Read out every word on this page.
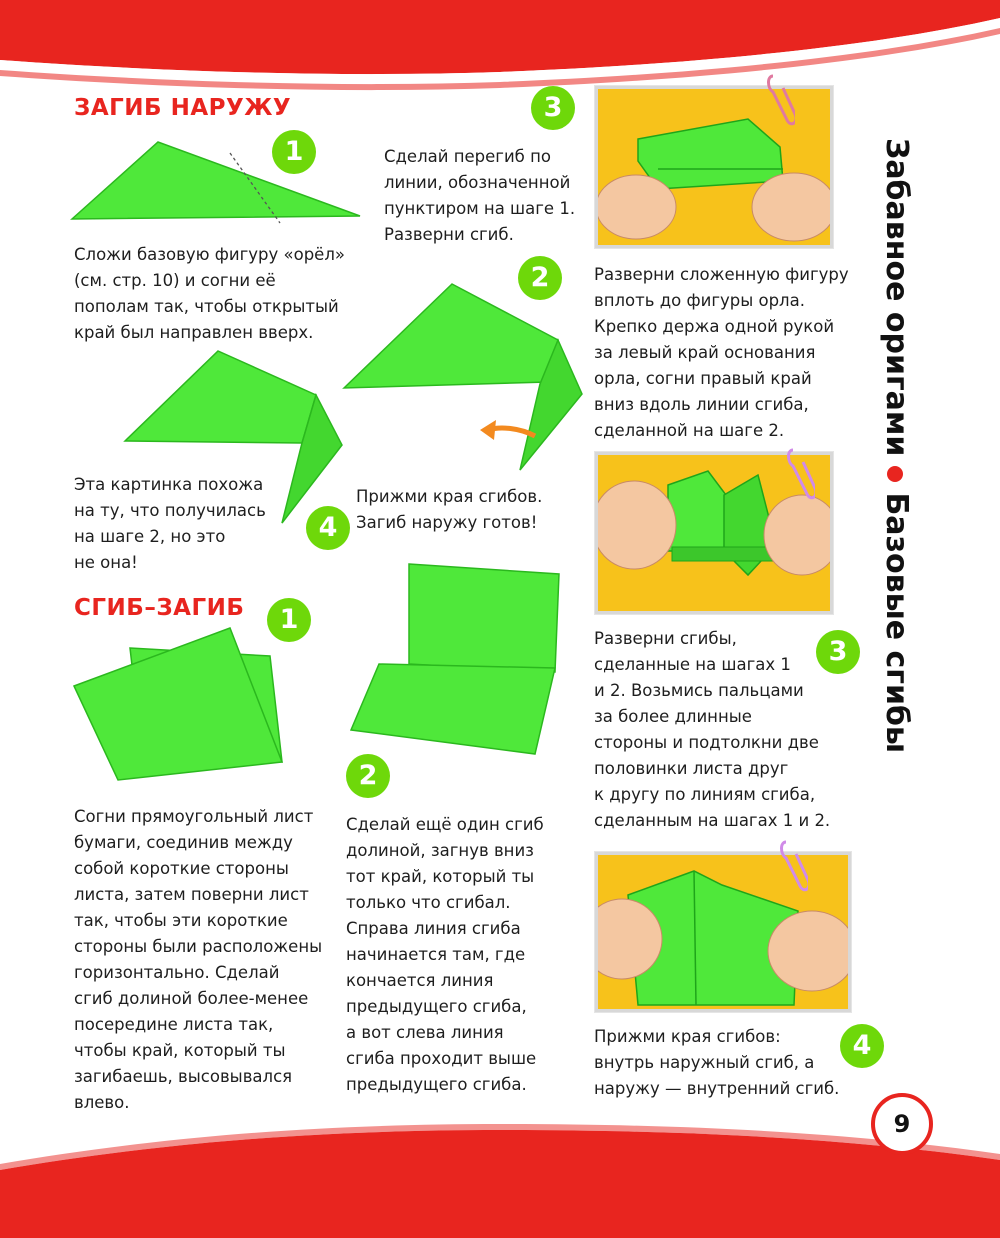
ЗАГИБ НАРУЖУ
1
Сложи базовую фигуру «орёл»
(см. стр. 10) и согни её
пополам так, чтобы открытый
край был направлен вверх.
3
Сделай перегиб по
линии, обозначенной
пунктиром на шаге 1.
Разверни сгиб.
2	Разверни сложенную фигуру
вплоть до фигуры орла.
Крепко держа одной рукой
за левый край основания
орла, согни правый край
вниз вдоль линии сгиба,
сделанной на шаге 2.
Эта картинка похожа
на ту, что получилась
на шаге 2, но это
не она!
4
Прижми края сгибов.
Загиб наружу готов!
СГИБ–ЗАГИБ	1
2
Согни прямоугольный лист
бумаги, соединив между
собой короткие стороны
листа, затем поверни лист
так, чтобы эти короткие
стороны были расположены
горизонтально. Сделай
сгиб долиной более-менее
посередине листа так,
чтобы край, который ты
загибаешь, высовывался
влево.
Сделай ещё один сгиб
долиной, загнув вниз
тот край, который ты
только что сгибал.
Справа линия сгиба
начинается там, где
кончается линия
предыдущего сгиба,
а вот слева линия
сгиба проходит выше
предыдущего сгиба.
3
Разверни сгибы,
сделанные на шагах 1
и 2. Возьмись пальцами
за более длинные
стороны и подтолкни две
половинки листа друг
к другу по линиям сгиба,
сделанным на шагах 1 и 2.
4
Прижми края сгибов:
внутрь наружный сгиб, а
наружу — внутренний сгиб.
Забавное оригамиБазовые сгибы
9
